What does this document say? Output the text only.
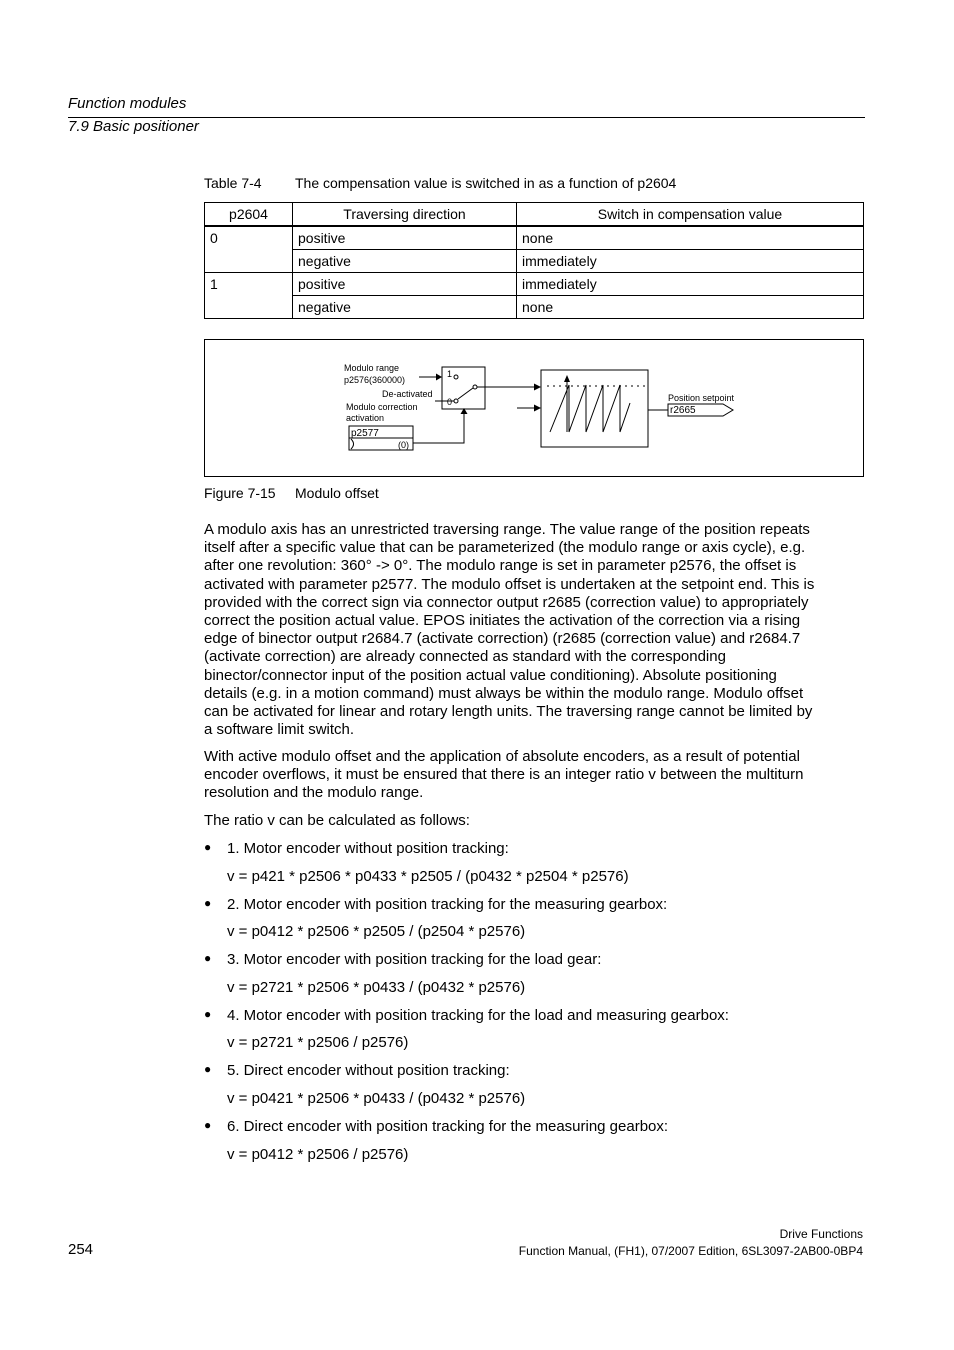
Function modules
7.9 Basic positioner
Table 7-4 The compensation value is switched in as a function of p2604
p2604	Traversing direction	Switch in compensation value
0	positive	none
	negative	immediately
1	positive	immediately
	negative	none
Modulo range
p2576(360000)
1
0
De-activated
Modulo correction
activation
p2577
(0)
r2665
Position setpoint
Figure 7-15 Modulo offset
A modulo axis has an unrestricted traversing range. The value range of the position repeats
itself after a specific value that can be parameterized (the modulo range or axis cycle), e.g.
after one revolution: 360° -> 0°. The modulo range is set in parameter p2576, the offset is
activated with parameter p2577. The modulo offset is undertaken at the setpoint end. This is
provided with the correct sign via connector output r2685 (correction value) to appropriately
correct the position actual value. EPOS initiates the activation of the correction via a rising
edge of binector output r2684.7 (activate correction) (r2685 (correction value) and r2684.7
(activate correction) are already connected as standard with the corresponding
binector/connector input of the position actual value conditioning). Absolute positioning
details (e.g. in a motion command) must always be within the modulo range. Modulo offset
can be activated for linear and rotary length units. The traversing range cannot be limited by
a software limit switch.
With active modulo offset and the application of absolute encoders, as a result of potential
encoder overflows, it must be ensured that there is an integer ratio v between the multiturn
resolution and the modulo range.
The ratio v can be calculated as follows:
● 1. Motor encoder without position tracking:
v = p421 * p2506 * p0433 * p2505 / (p0432 * p2504 * p2576)
● 2. Motor encoder with position tracking for the measuring gearbox:
v = p0412 * p2506 * p2505 / (p2504 * p2576)
● 3. Motor encoder with position tracking for the load gear:
v = p2721 * p2506 * p0433 / (p0432 * p2576)
● 4. Motor encoder with position tracking for the load and measuring gearbox:
v = p2721 * p2506 / p2576)
● 5. Direct encoder without position tracking:
v = p0421 * p2506 * p0433 / (p0432 * p2576)
● 6. Direct encoder with position tracking for the measuring gearbox:
v = p0412 * p2506 / p2576)
Drive Functions
254	Function Manual, (FH1), 07/2007 Edition, 6SL3097-2AB00-0BP4
